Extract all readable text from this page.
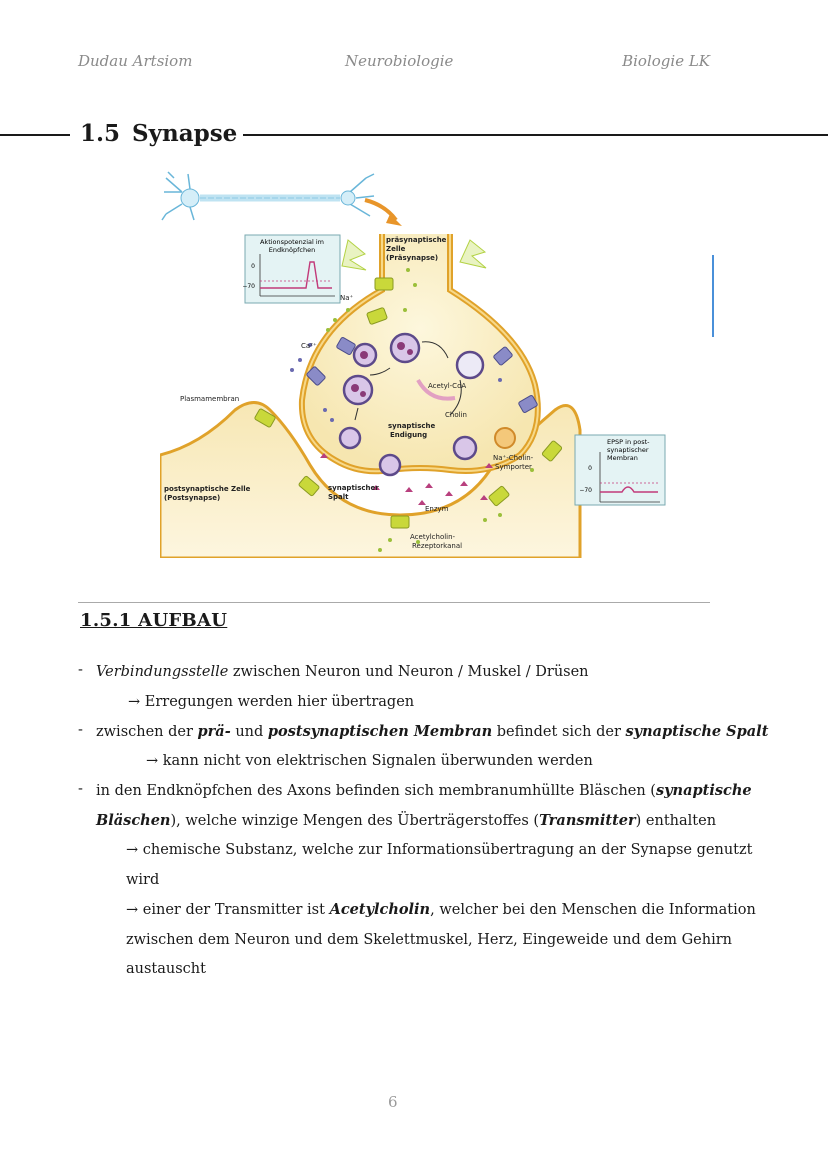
Dudau Artsiom	Neurobiologie	Biologie LK
1.5 Synapse
Aktionspotenzial im
Endknöpfchen
0
−70
EPSP in post-
synaptischer
Membran
0
−70
präsynaptische
Zelle
(Präsynapse)
Na⁺
Ca²⁺
Acetyl-CoA
Cholin
Plasmamembran
synaptische
Endigung
Na⁺-Cholin-
Symporter
postsynaptische Zelle
(Postsynapse)
synaptischer
Spalt
Enzym
Acetylcholin-
Rezeptorkanal
1.5.1 AUFBAU
- Verbindungsstelle zwischen Neuron und Neuron / Muskel / Drüsen
→ Erregungen werden hier übertragen
- zwischen der prä- und postsynaptischen Membran befindet sich der synaptische Spalt
→ kann nicht von elektrischen Signalen überwunden werden
- in den Endknöpfchen des Axons befinden sich membranumhüllte Bläschen (synaptische
Bläschen), welche winzige Mengen des Überträgerstoffes (Transmitter) enthalten
→ chemische Substanz, welche zur Informationsübertragung an der Synapse genutzt
wird
→ einer der Transmitter ist Acetylcholin, welcher bei den Menschen die Information
zwischen dem Neuron und dem Skelettmuskel, Herz, Eingeweide und dem Gehirn
austauscht
6
